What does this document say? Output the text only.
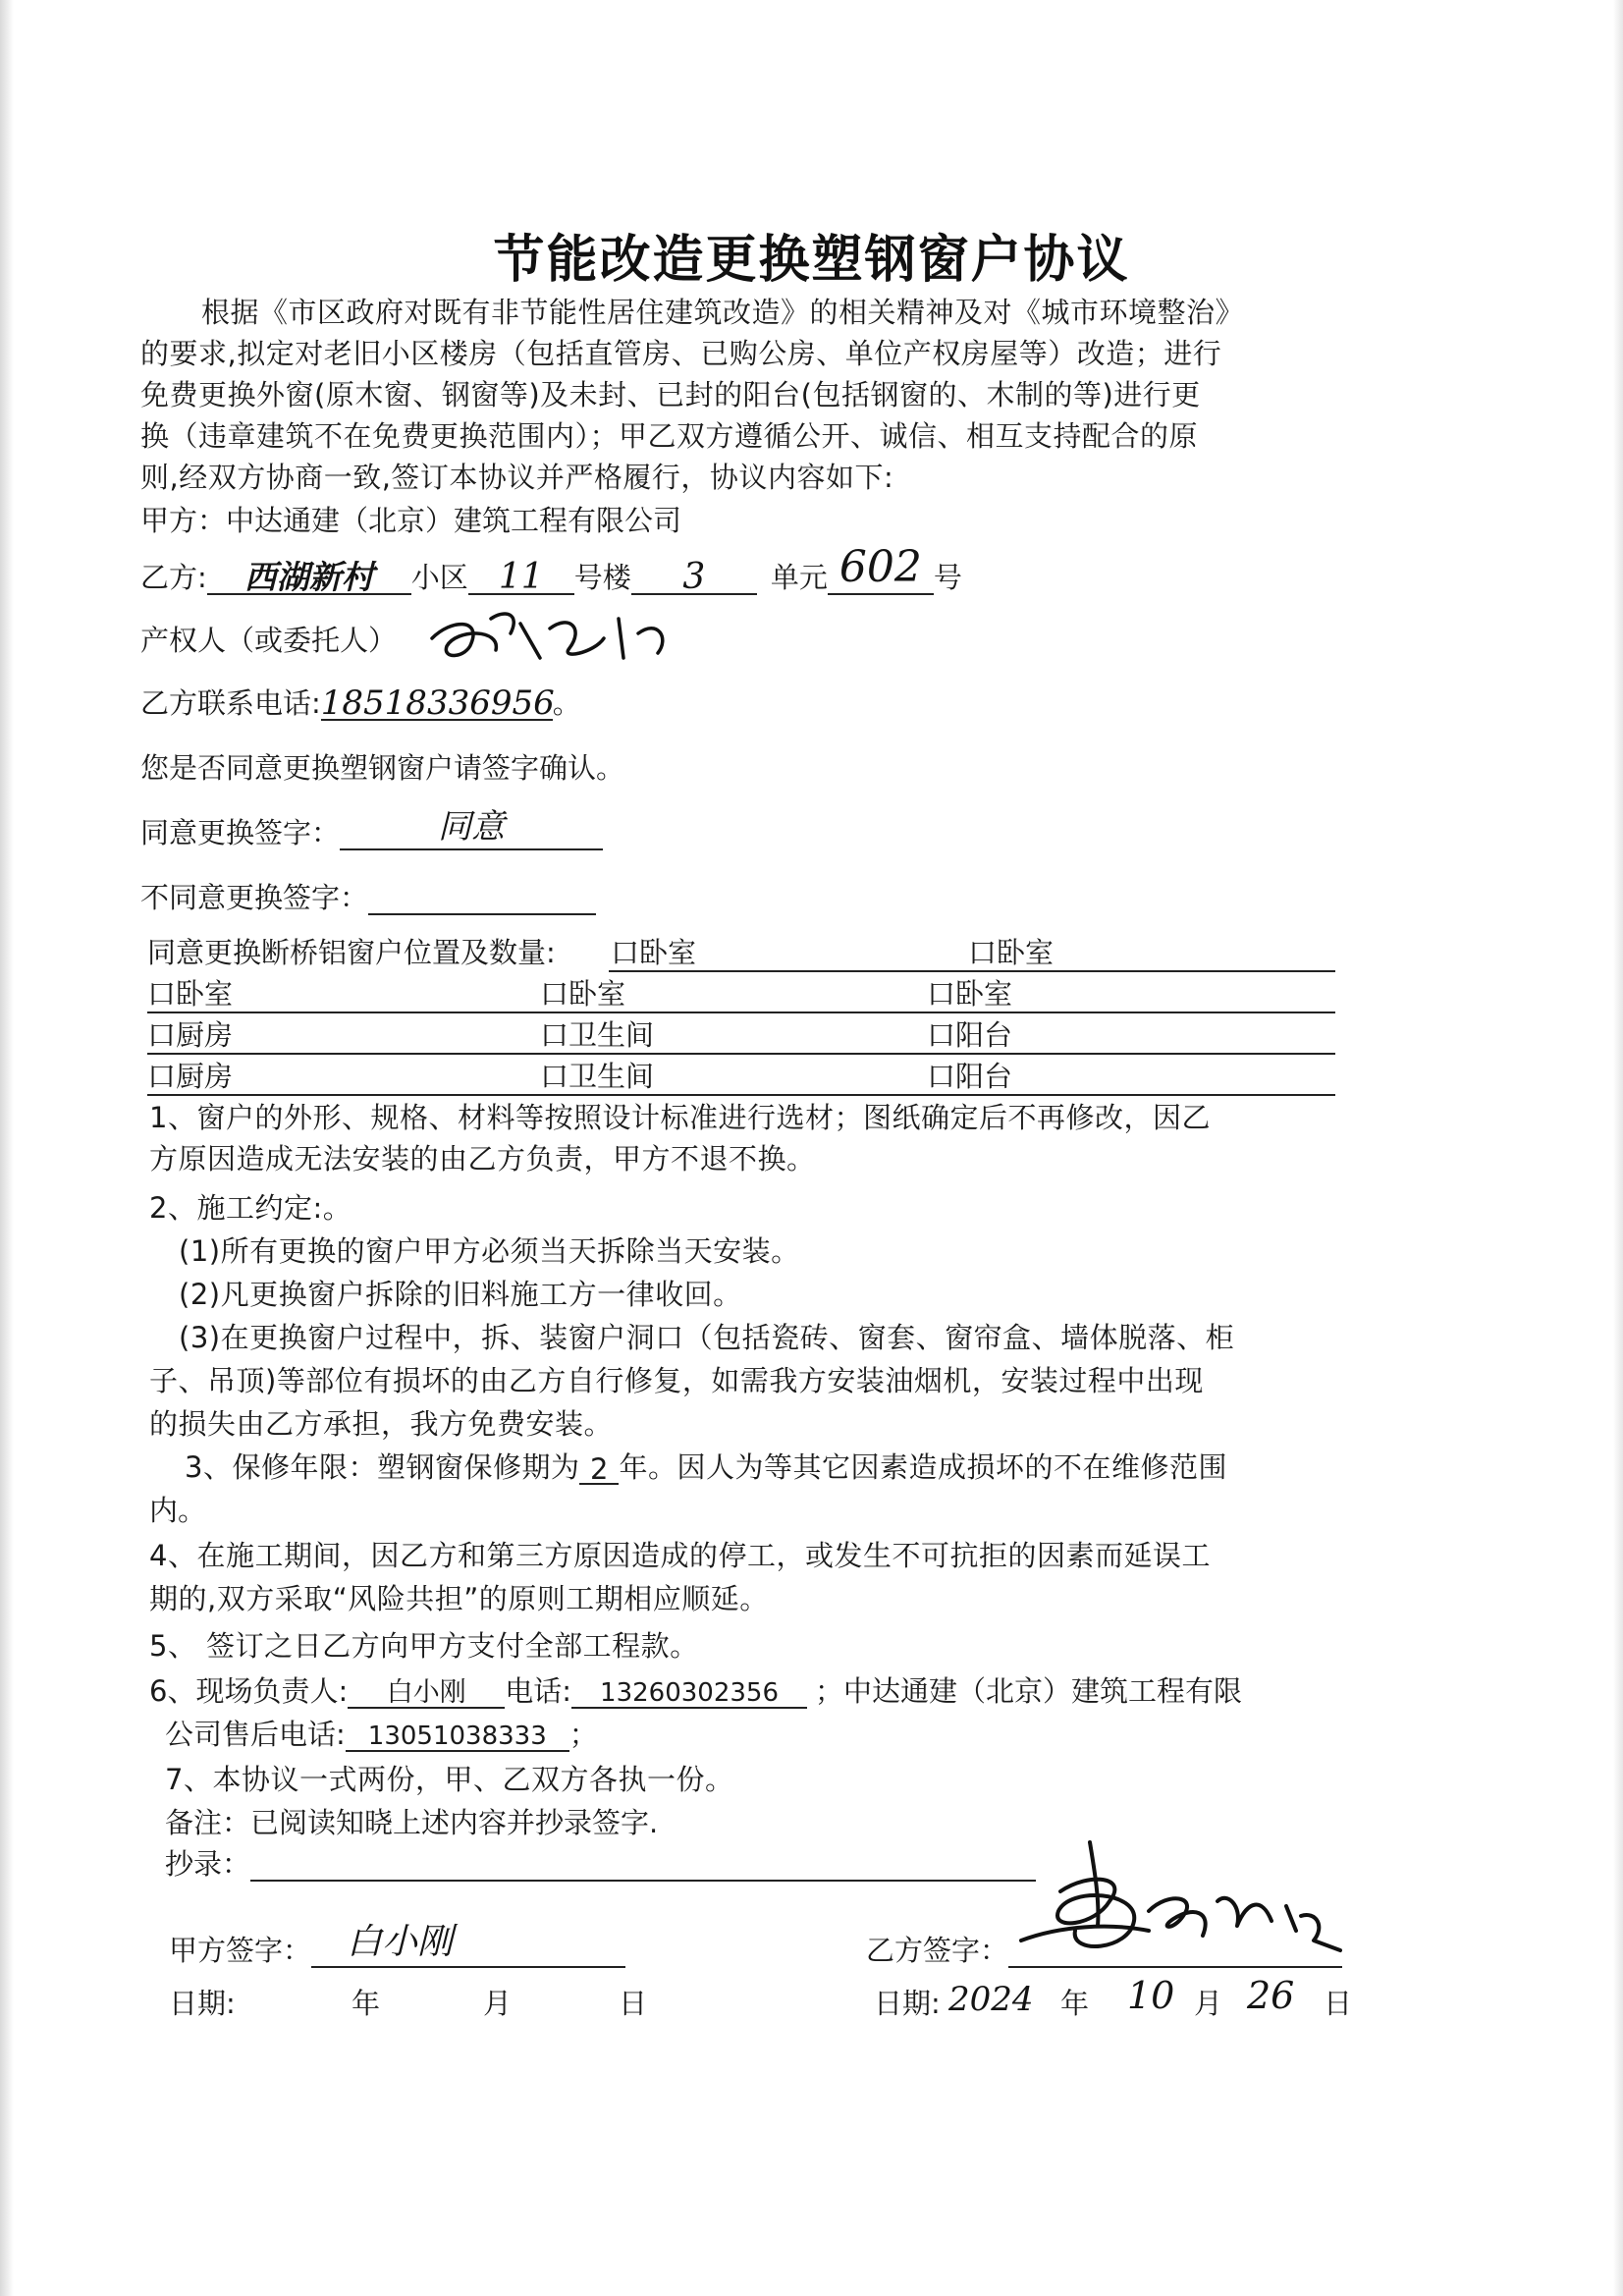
节能改造更换塑钢窗户协议
根据《市区政府对既有非节能性居住建筑改造》的相关精神及对《城市环境整治》
的要求,拟定对老旧小区楼房（包括直管房、已购公房、单位产权房屋等）改造；进行
免费更换外窗(原木窗、钢窗等)及未封、已封的阳台(包括钢窗的、木制的等)进行更
换（违章建筑不在免费更换范围内）；甲乙双方遵循公开、诚信、相互支持配合的原
则,经双方协商一致,签订本协议并严格履行，协议内容如下:
甲方：中达通建（北京）建筑工程有限公司
乙方: 西湖新村 小区 11 号楼 3 单元 602 号
产权人（或委托人）
乙方联系电话:18518336956。
您是否同意更换塑钢窗户请签字确认。
同意更换签字：	同意
不同意更换签字：
同意更换断桥铝窗户位置及数量: 口卧室	口卧室
口卧室	口卧室	口卧室
口厨房	口卫生间	口阳台
口厨房	口卫生间	口阳台
1、窗户的外形、规格、材料等按照设计标准进行选材；图纸确定后不再修改，因乙
方原因造成无法安装的由乙方负责，甲方不退不换。
2、施工约定:。
(1)所有更换的窗户甲方必须当天拆除当天安装。
(2)凡更换窗户拆除的旧料施工方一律收回。
(3)在更换窗户过程中，拆、装窗户洞口（包括瓷砖、窗套、窗帘盒、墙体脱落、柜
子、吊顶)等部位有损坏的由乙方自行修复，如需我方安装油烟机，安装过程中出现
的损失由乙方承担，我方免费安装。
3、保修年限：塑钢窗保修期为 2 年。因人为等其它因素造成损坏的不在维修范围
内。
4、在施工期间，因乙方和第三方原因造成的停工，或发生不可抗拒的因素而延误工
期的,双方采取“风险共担”的原则工期相应顺延。
5、 签订之日乙方向甲方支付全部工程款。
6、现场负责人: 白小刚 电话: 13260302356 ；中达通建（北京）建筑工程有限
公司售后电话: 13051038333 ；
7、本协议一式两份，甲、乙双方各执一份。
备注：已阅读知晓上述内容并抄录签字.
抄录：
甲方签字： 白小刚	乙方签字：
日期:	年	月	日	日期: 2024 年 10 月 26 日
